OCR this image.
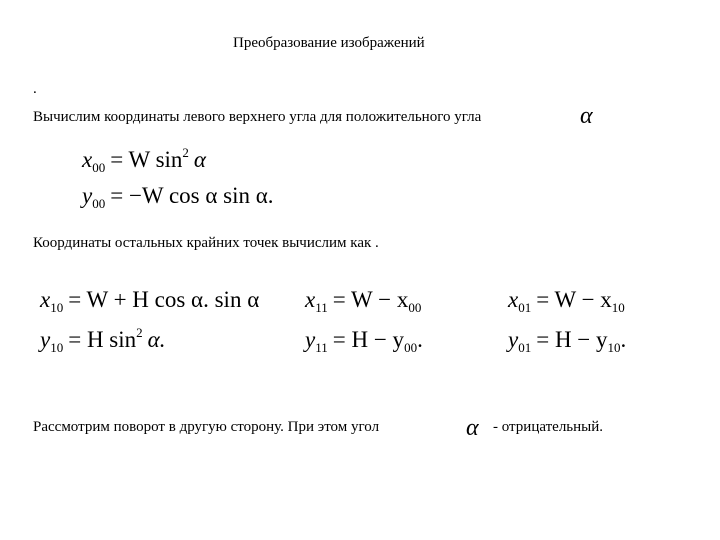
Преобразование изображений
.
Вычислим координаты левого верхнего угла для положительного угла	α
$x_{00} = W$ $\sin^2 \alpha$
$y_{00} = -W$ cos α sin α.
Координаты остальных крайних точек вычислим как .
$x_{10} = W + H$ cos α. sin α
$y_{10} = H$ $\sin^2 \alpha$.
$x_{11} = W - x_{00}$
$y_{11} = H - y_{00}$.
$x_{01} = W - x_{10}$
$y_{01} = H - y_{10}$.
Рассмотрим поворот в другую сторону. При этом угол	α - отрицательный.
